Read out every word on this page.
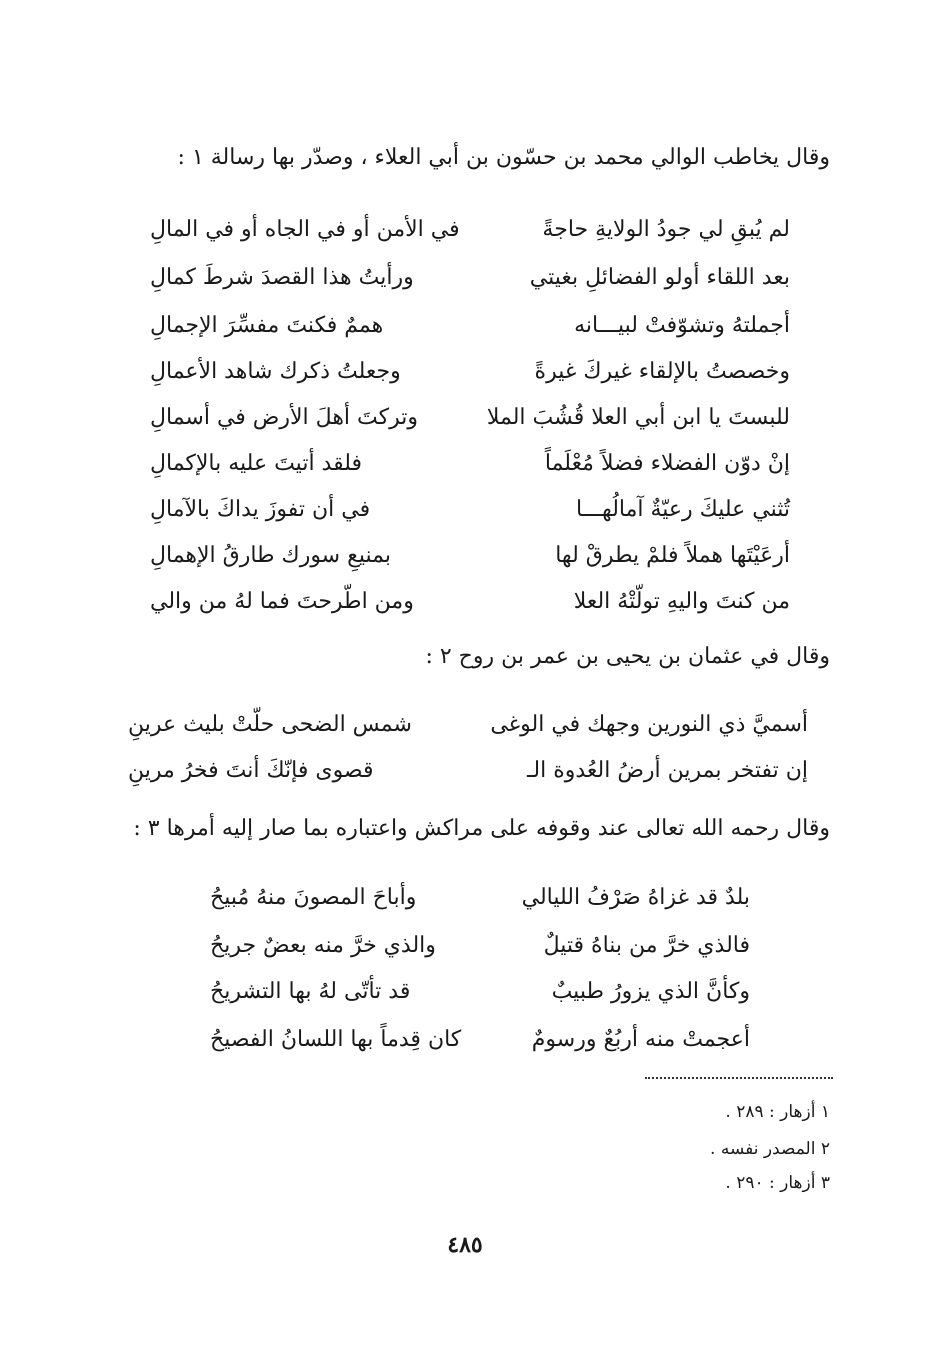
وقال يخاطب الوالي محمد بن حسّون بن أبي العلاء ، وصدّر بها رسالة ١ :
لم يُبقِ لي جودُ الولايةِ حاجةً
في الأمن أو في الجاه أو في المالِ
بعد اللقاء أولو الفضائلِ بغيتي
ورأيتُ هذا القصدَ شرطَ كمالِ
أجملتهُ وتشوّفتْ لبيـــانه
هممٌ فكنتَ مفسِّرَ الإجمالِ
وخصصتُ بالإلقاء غيركَ غيرةً
وجعلتُ ذكرك شاهد الأعمالِ
للبستَ يا ابن أبي العلا قُشُبَ الملا
وتركتَ أهلَ الأرض في أسمالِ
إنْ دوّن الفضلاء فضلاً مُعْلَماً
فلقد أتيتَ عليه بالإكمالِ
تُثني عليكَ رعيّةٌ آمالُهـــا
في أن تفوزَ يداكَ بالآمالِ
أرعَيْتَها هملاً فلمْ يطرقْ لها
بمنيعِ سورك طارقُ الإهمالِ
من كنتَ واليهِ تولّتْهُ العلا
ومن اطّرحتَ فما لهُ من والي
وقال في عثمان بن يحيى بن عمر بن روح ٢ :
أسميَّ ذي النورين وجهك في الوغى
شمس الضحى حلّتْ بليث عرينِ
إن تفتخر بمرين أرضُ العُدوة الـ
قصوى فإنّكَ أنتَ فخرُ مرينِ
وقال رحمه الله تعالى عند وقوفه على مراكش واعتباره بما صار إليه أمرها ٣ :
بلدٌ قد غزاهُ صَرْفُ الليالي
وأباحَ المصونَ منهُ مُبيحُ
فالذي خرَّ من بناهُ قتيلٌ
والذي خرَّ منه بعضٌ جريحُ
وكأنَّ الذي يزورُ طبيبٌ
قد تأتّى لهُ بها التشريحُ
أعجمتْ منه أربُعٌ ورسومٌ
كان قِدماً بها اللسانُ الفصيحُ
١ أزهار : ٢٨٩ .
٢ المصدر نفسه .
٣ أزهار : ٢٩٠ .
٤٨٥
